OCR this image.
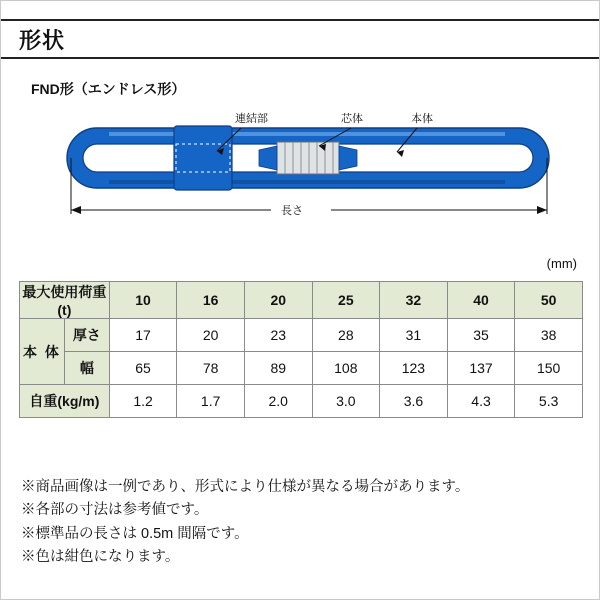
形状
FND形（エンドレス形）
連結部	芯体	本体
長さ
(mm)
最大使用荷重(t)		10	16	20	25	32	40	50
本 体	厚さ	17	20	23	28	31	35	38
	幅	65	78	89	108	123	137	150
自重(kg/m)		1.2	1.7	2.0	3.0	3.6	4.3	5.3
※商品画像は一例であり、形式により仕様が異なる場合があります。
※各部の寸法は参考値です。
※標準品の長さは 0.5m 間隔です。
※色は紺色になります。
